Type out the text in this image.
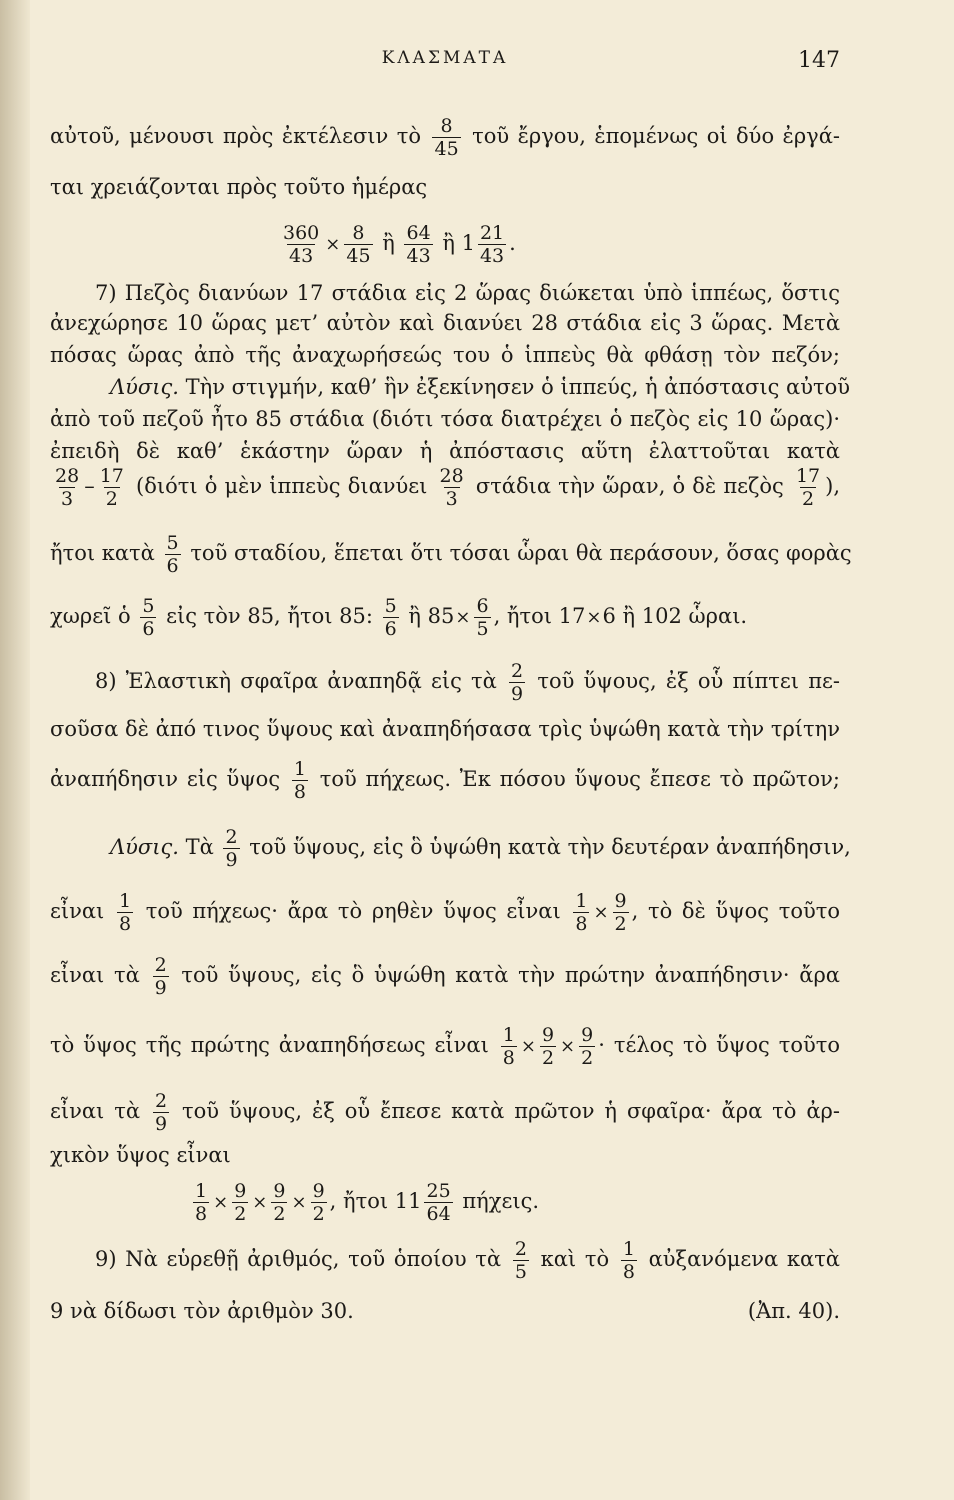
ΚΛΑΣΜΑΤΑ	147
αὐτοῦ, μένουσι πρὸς ἐκτέλεσιν τὸ $\frac{8}{45}$ τοῦ ἔργου, ἑπομένως οἱ δύο ἐργά-
ται χρειάζονται πρὸς τοῦτο ἡμέρας
$\frac{360}{43} \times \frac{8}{45}$ ἢ $\frac{64}{43}$ ἢ $1 \frac{21}{43}$ .
7) Πεζὸς διανύων 17 στάδια εἰς 2 ὥρας διώκεται ὑπὸ ἱππέως, ὅστις
ἀνεχώρησε 10 ὥρας μετ’ αὐτὸν καὶ διανύει 28 στάδια εἰς 3 ὥρας. Μετὰ
πόσας ὥρας ἀπὸ τῆς ἀναχωρήσεώς του ὁ ἱππεὺς θὰ φθάσῃ τὸν πεζόν;
Λύσις. Τὴν στιγμήν, καθ’ ἣν ἐξεκίνησεν ὁ ἱππεύς, ἡ ἀπόστασις αὐτοῦ
ἀπὸ τοῦ πεζοῦ ἦτο 85 στάδια (διότι τόσα διατρέχει ὁ πεζὸς εἰς 10 ὥρας)·
ἐπειδὴ δὲ καθ’ ἑκάστην ὥραν ἡ ἀπόστασις αὕτη ἐλαττοῦται κατὰ
$\frac{28}{3} - \frac{17}{2} (\delta\iota ό\tau\iota$ ὁ μὲν ἱππεὺς διανύει $\frac{28}{3}$ στάδια τὴν ὥραν, ὁ δὲ πεζὸς $\frac{17}{2}$ ),
ἤτοι κατὰ $\frac{5}{6}$ τοῦ σταδίου, ἕπεται ὅτι τόσαι ὧραι θὰ περάσουν, ὅσας φορὰς
χωρεῖ ὁ $\frac{5}{6}$ εἰς τὸν 85, ἤτοι 85: $\frac{5}{6}$ ἢ $85\times \frac{6}{5}$ , ἤτοι 17×6 ἢ 102 ὧραι.
8) Ἐλαστικὴ σφαῖρα ἀναπηδᾷ εἰς τὰ $\frac{2}{9}$ τοῦ ὕψους, ἐξ οὗ πίπτει πε-
σοῦσα δὲ ἀπό τινος ὕψους καὶ ἀναπηδήσασα τρὶς ὑψώθη κατὰ τὴν τρίτην
ἀναπήδησιν εἰς ὕψος $\frac{1}{8}$ τοῦ πήχεως. Ἐκ πόσου ὕψους ἔπεσε τὸ πρῶτον;
Λύσις. Τὰ $\frac{2}{9}$ τοῦ ὕψους, εἰς ὃ ὑψώθη κατὰ τὴν δευτέραν ἀναπήδησιν,
εἶναι $\frac{1}{8}$ τοῦ πήχεως· ἄρα τὸ ρηθὲν ὕψος εἶναι $\frac{1}{8} \times \frac{9}{2}$ , τὸ δὲ ὕψος τοῦτο
εἶναι τὰ $\frac{2}{9}$ τοῦ ὕψους, εἰς ὃ ὑψώθη κατὰ τὴν πρώτην ἀναπήδησιν· ἄρα
τὸ ὕψος τῆς πρώτης ἀναπηδήσεως εἶναι $\frac{1}{8} \times \frac{9}{2} \times \frac{9}{2} \cdot \tau έ\lambda o\varsigma$ τὸ ὕψος τοῦτο
εἶναι τὰ $\frac{2}{9}$ τοῦ ὕψους, ἐξ οὗ ἔπεσε κατὰ πρῶτον ἡ σφαῖρα· ἄρα τὸ ἀρ-
χικὸν ὕψος εἶναι
$\frac{1}{8} \times \frac{9}{2} \times \frac{9}{2} \times \frac{9}{2}$ , ἤτοι $11 \frac{25}{64} \pi ή\chi\varepsilon\iota\varsigma$.
9) Νὰ εὑρεθῇ ἀριθμός, τοῦ ὁποίου τὰ $\frac{2}{5}$ καὶ τὸ $\frac{1}{8}$ αὐξανόμενα κατὰ
9 νὰ δίδωσι τὸν ἀριθμὸν 30.	(Ἀπ. 40).
